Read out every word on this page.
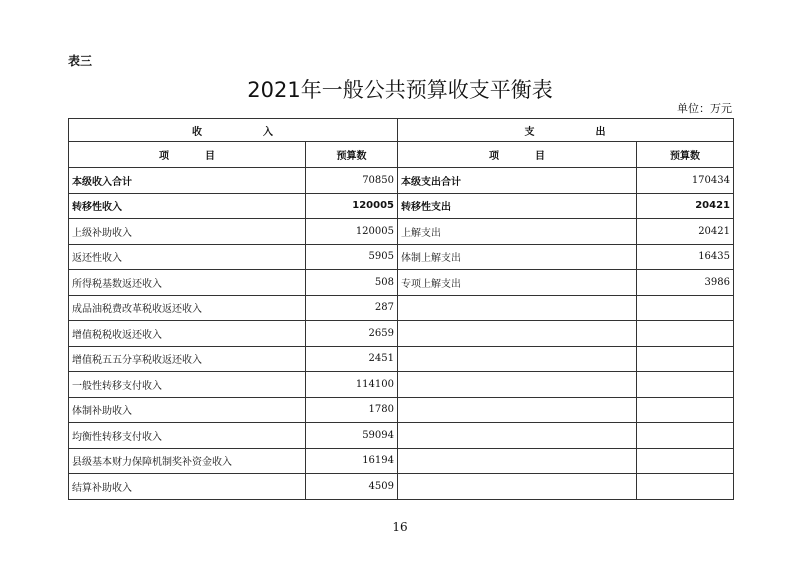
表三
2021年一般公共预算收支平衡表
单位：万元
收 入		支 出	
项 目	预算数	项 目	预算数
本级收入合计	70850	本级支出合计	170434
转移性收入	120005	转移性支出	20421
上级补助收入	120005	上解支出	20421
返还性收入	5905	体制上解支出	16435
所得税基数返还收入	508	专项上解支出	3986
成品油税费改革税收返还收入	287		
增值税税收返还收入	2659		
增值税五五分享税收返还收入	2451		
一般性转移支付收入	114100		
体制补助收入	1780		
均衡性转移支付收入	59094		
县级基本财力保障机制奖补资金收入	16194		
结算补助收入	4509		
16
